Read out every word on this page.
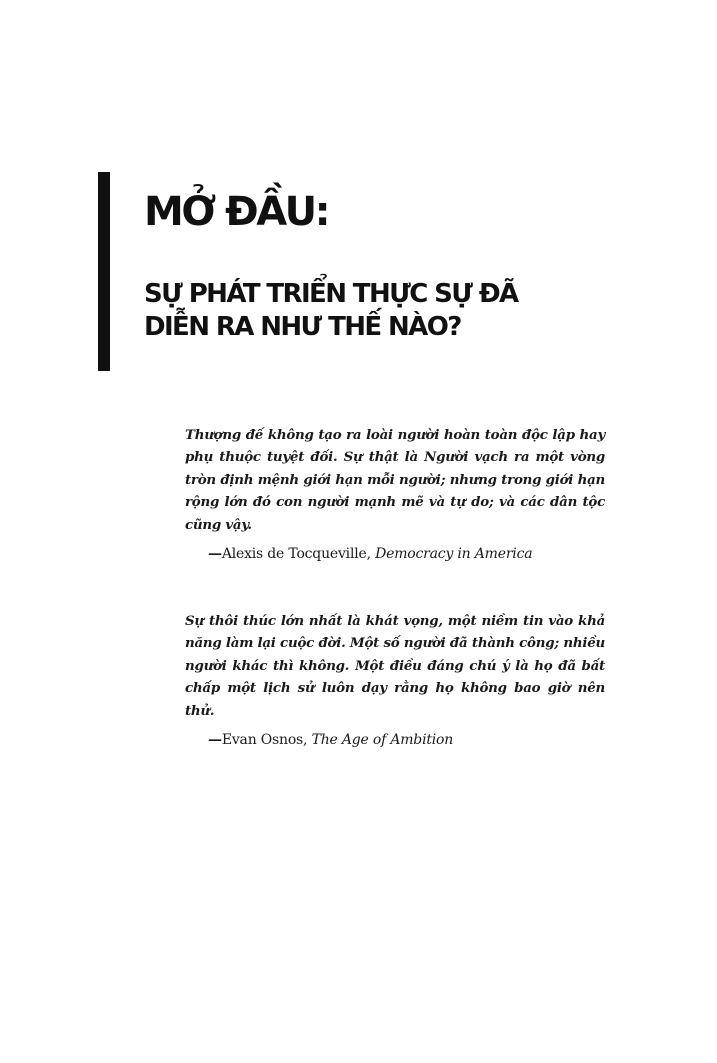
MỞ ĐẦU:
SỰ PHÁT TRIỂN THỰC SỰ ĐÃ
DIỄN RA NHƯ THẾ NÀO?

Thượng đế không tạo ra loài người hoàn toàn độc lập hay phụ thuộc tuyệt đối. Sự thật là Người vạch ra một vòng tròn định mệnh giới hạn mỗi người; nhưng trong giới hạn rộng lớn đó con người mạnh mẽ và tự do; và các dân tộc cũng vậy.

—Alexis de Tocqueville, Democracy in America

Sự thôi thúc lớn nhất là khát vọng, một niềm tin vào khả năng làm lại cuộc đời. Một số người đã thành công; nhiều người khác thì không. Một điều đáng chú ý là họ đã bất chấp một lịch sử luôn dạy rằng họ không bao giờ nên thử.

—Evan Osnos, The Age of Ambition
